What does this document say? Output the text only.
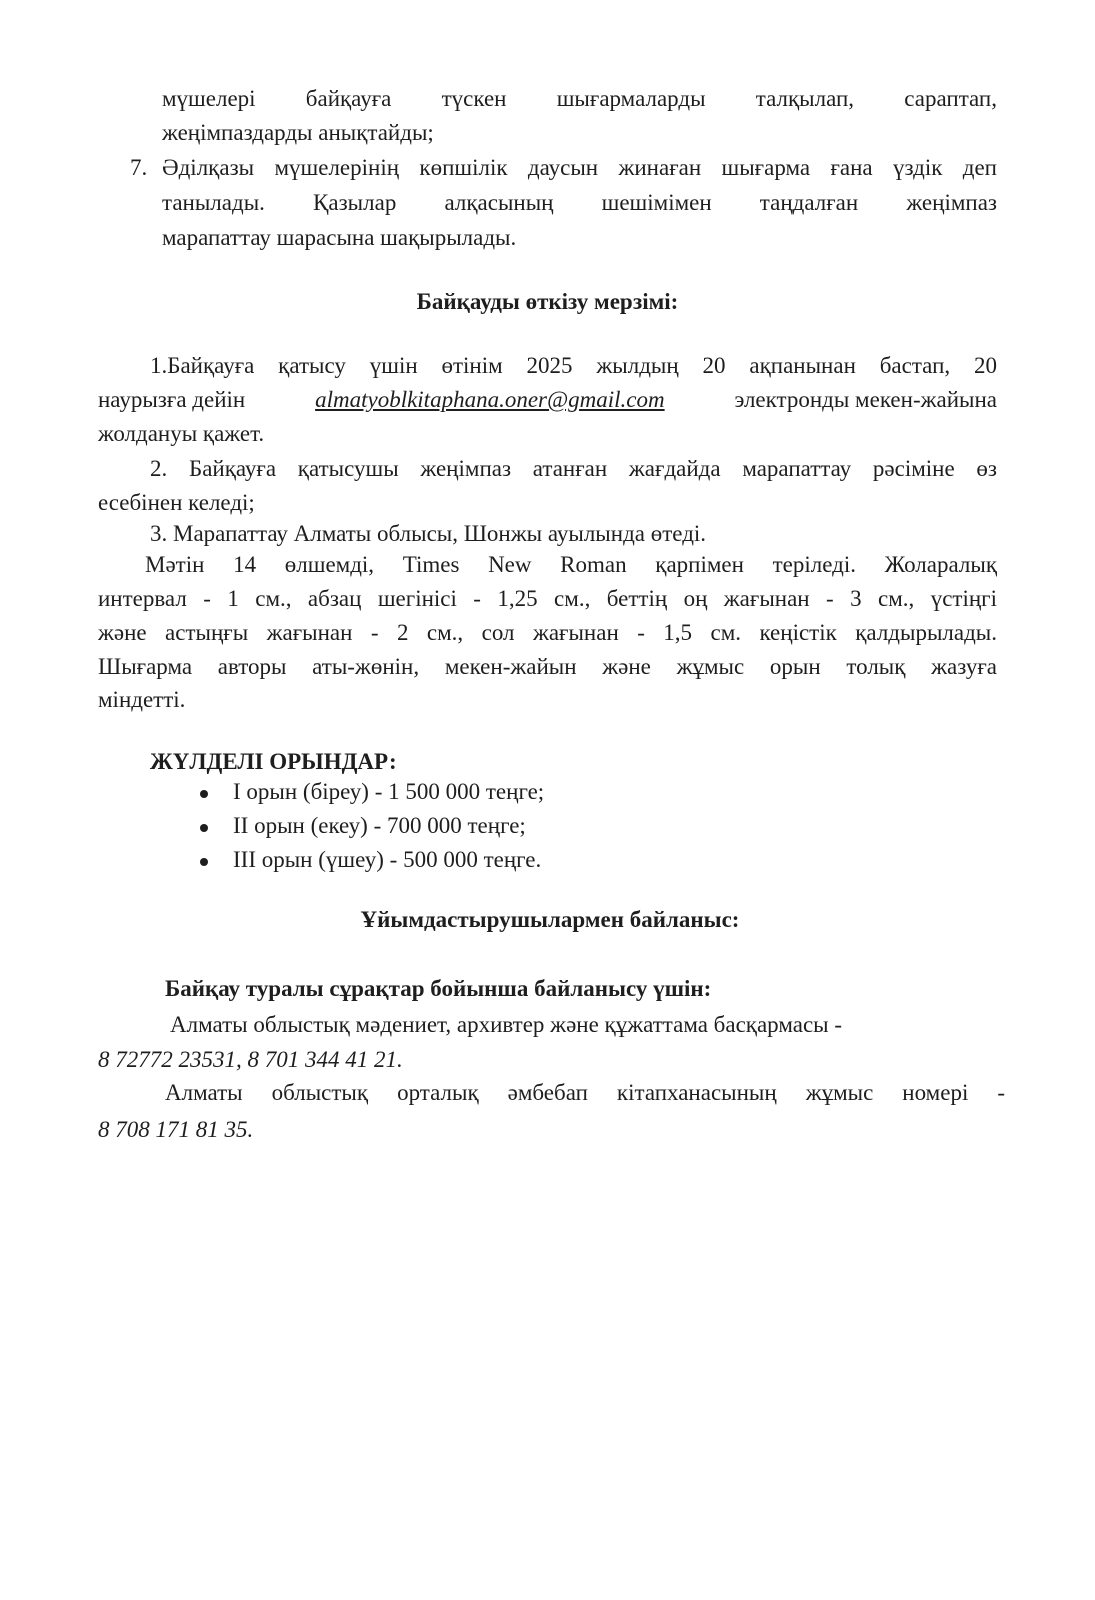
мүшелері байқауға түскен шығармаларды талқылап, сараптап,
жеңімпаздарды анықтайды;
7. Әділқазы мүшелерінің көпшілік даусын жинаған шығарма ғана үздік деп
танылады. Қазылар алқасының шешімімен таңдалған жеңімпаз
марапаттау шарасына шақырылады.
Байқауды өткізу мерзімі:
1.Байқауға қатысу үшін өтінім 2025 жылдың 20 ақпанынан бастап, 20
наурызға дейін	almatyoblkitaphana.oner@gmail.com	электронды мекен-жайына
жолдануы қажет.
2. Байқауға қатысушы жеңімпаз атанған жағдайда марапаттау рәсіміне өз
есебінен келеді;
3. Марапаттау Алматы облысы, Шонжы ауылында өтеді.
Мәтін 14 өлшемді, Times New Roman қарпімен теріледі. Жоларалық
интервал - 1 см., абзац шегінісі - 1,25 см., беттің оң жағынан - 3 см., үстіңгі
және астыңғы жағынан - 2 см., сол жағынан - 1,5 см. кеңістік қалдырылады.
Шығарма авторы аты-жөнін, мекен-жайын және жұмыс орын толық жазуға
міндетті.
ЖҮЛДЕЛІ ОРЫНДАР:
I орын (біреу) - 1 500 000 теңге;
II орын (екеу) - 700 000 теңге;
III орын (үшеу) - 500 000 теңге.
Ұйымдастырушылармен байланыс:
Байқау туралы сұрақтар бойынша байланысу үшін:
Алматы облыстық мәдениет, архивтер және құжаттама басқармасы -
8 72772 23531, 8 701 344 41 21.
Алматы облыстық орталық әмбебап кітапханасының жұмыс номері -
8 708 171 81 35.
